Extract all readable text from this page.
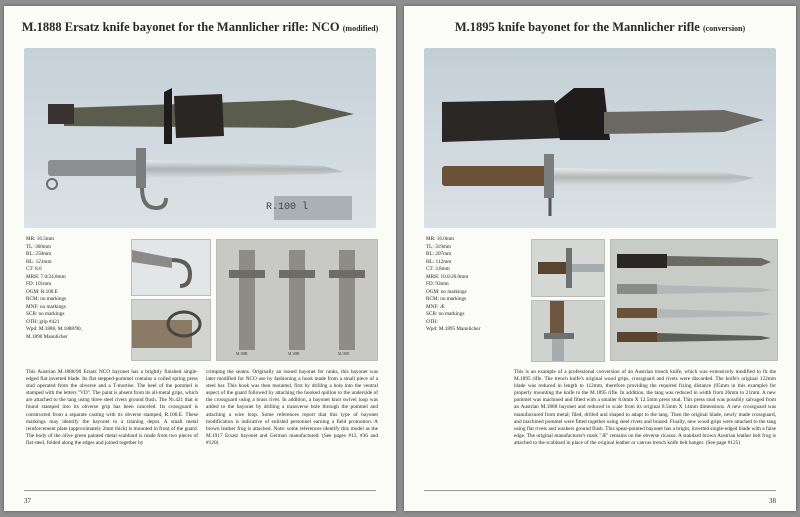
M.1888 Ersatz knife bayonet for the Mannlicher rifle: NCO (modified)
R.100 l
MR: 16.5mm
TL: 360mm
BL: 250mm
HL: 121mm
CT: 8.0
MRH: 7.0/24.8mm
FD: 101mm
OGM: R.100.E
RCM: no markings
MNF: no markings
SCB: no markings
OTH: grip #421
Wpd: M.1888, M.1888/90,
M.1890 Mannlicher
M.1888	M.1888	M.1895
This Austrian M.1888/90 Ersatz NCO bayonet has a brightly finished single-edged flat inverted blade. Its flat stepped-pommel contains a coiled spring press stud operated from the obverse and a T-mortise. The heel of the pommel is stamped with the letters "VD". The paint is absent from its all-metal grips, which are attached to the tang using three steel rivets ground flush. The Nr.421 that is found stamped into its obverse grip has been canceled. Its crossguard is constructed from a separate casting with its obverse stamped, R.100.E. These markings may identify the bayonet to a training depot. A small metal reinforcement plate (approximately 2mm thick) is mounted in front of the guard. The body of the olive green painted metal scabbard is made from two pieces of flat steel, folded along the edges and joined together by
crimping the seams. Originally an issued bayonet for ranks, this bayonet was later modified for NCO use by fashioning a hook made from a small piece of a steel bar. This hook was then mounted, first by drilling a hole into the ventral aspect of the guard followed by attaching the hooked quillon to the underside of the crossguard using a brass rivet. In addition, a bayonet knot swivel loop was added to the bayonet by drilling a transverse hole through the pommel and attaching a wire loop. Some references report that this type of bayonet modification is indicative of enlisted personnel earning a field promotion. A brown leather frog is attached. Note: some references identify this model as the M.1917 Ersatz bayonet and German manufactured. (See pages #12, #36 and #120)
37
M.1895 knife bayonet for the Mannlicher rifle (conversion)
MR: 16.0mm
TL: 319mm
BL: 207mm
HL: 112mm
CT: 3.8mm
MRH: 10.0/26.0mm
FD: 93mm
OGM: no markings
RCM: no markings
MNF: Æ
SCB: no markings
OTH:
Wpd: M.1895 Mannlicher
This is an example of a professional conversion of an Austrian trench knife, which was extensively modified to fit the M.1895 rifle. The trench knife's original wood grips, crossguard and rivets were discarded. The knife's original 122mm blade was reduced in length to 112mm, therefore providing the required fixing distance (95mm in this example) for properly mounting the knife to the M.1895 rifle. In addition, the tang was reduced in width from 26mm to 21mm. A new pommel was machined and fitted with a smaller 8.0mm X 12.5mm press stud. This press stud was possibly salvaged from an Austrian M.1888 bayonet and reduced in scale from its original 8.5mm X 14mm dimensions. A new crossguard was manufactured from metal; filed, drilled and shaped to adapt to the tang. Then the original blade, newly made crossguard, and machined pommel were fitted together using steel rivets and brazed. Finally, new wood grips were attached to the tang using flat rivets and washers ground flush. This spear-pointed bayonet has a bright, inverted single-edged blade with a false edge. The original manufacturer's mark "Æ" remains on the obverse ricasso. A standard brown Austrian leather belt frog is attached to the scabbard in place of the original leather or canvas trench knife belt hanger. (See page #125)
38
